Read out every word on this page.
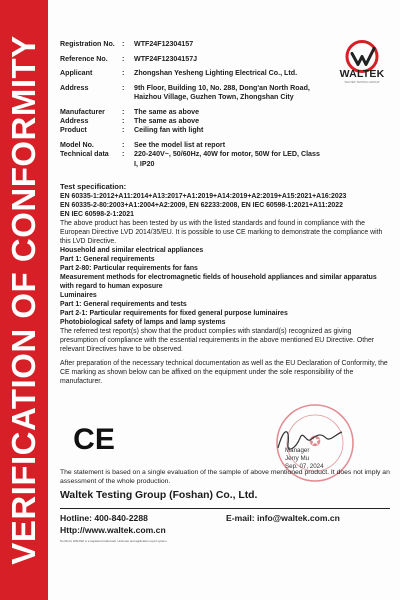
VERIFICATION OF CONFORMITY	Registration No.	:	WTF24F12304157
Reference No.	:	WTF24F12304157J
Applicant	:	Zhongshan Yesheng Lighting Electrical Co., Ltd.
Address	:	9th Floor, Building 10, No. 288, Dong'an North Road, Haizhou Village, Guzhen Town, Zhongshan City
Manufacturer	:	The same as above
Address	:	The same as above
Product	:	Ceiling fan with light
Model No.	:	See the model list at report
Technical data	:	220-240V~, 50/60Hz, 40W for motor, 50W for LED, Class I, IP20
WALTEK
WALTEK TESTING GROUP
Test specification:
EN 60335-1:2012+A11:2014+A13:2017+A1:2019+A14:2019+A2:2019+A15:2021+A16:2023
EN 60335-2-80:2003+A1:2004+A2:2009, EN 62233:2008, EN IEC 60598-1:2021+A11:2022
EN IEC 60598-2-1:2021
The above product has been tested by us with the listed standards and found in compliance with the European Directive LVD 2014/35/EU. It is possible to use CE marking to demonstrate the compliance with this LVD Directive.
Household and similar electrical appliances
Part 1: General requirements
Part 2-80: Particular requirements for fans
Measurement methods for electromagnetic fields of household appliances and similar apparatus with regard to human exposure
Luminaires
Part 1: General requirements and tests
Part 2-1: Particular requirements for fixed general purpose luminaires
Photobiological safety of lamps and lamp systems
The referred test report(s) show that the product complies with standard(s) recognized as giving presumption of compliance with the essential requirements in the above mentioned EU Directive. Other relevant Directives have to be observed.
After preparation of the necessary technical documentation as well as the EU Declaration of Conformity, the CE marking as shown below can be affixed on the equipment under the sole responsibility of the manufacturer.
CE	✪
Manager
Jerry Mu
Sep. 07, 2024
The statement is based on a single evaluation of the sample of above mentioned product. It does not imply an assessment of the whole production.
Waltek Testing Group (Foshan) Co., Ltd.
Hotline: 400-840-2288	E-mail: info@waltek.com.cn
Http://www.waltek.com.cn
No.09-24, WALTEK is a registered trademark. Unknown and application report system.
